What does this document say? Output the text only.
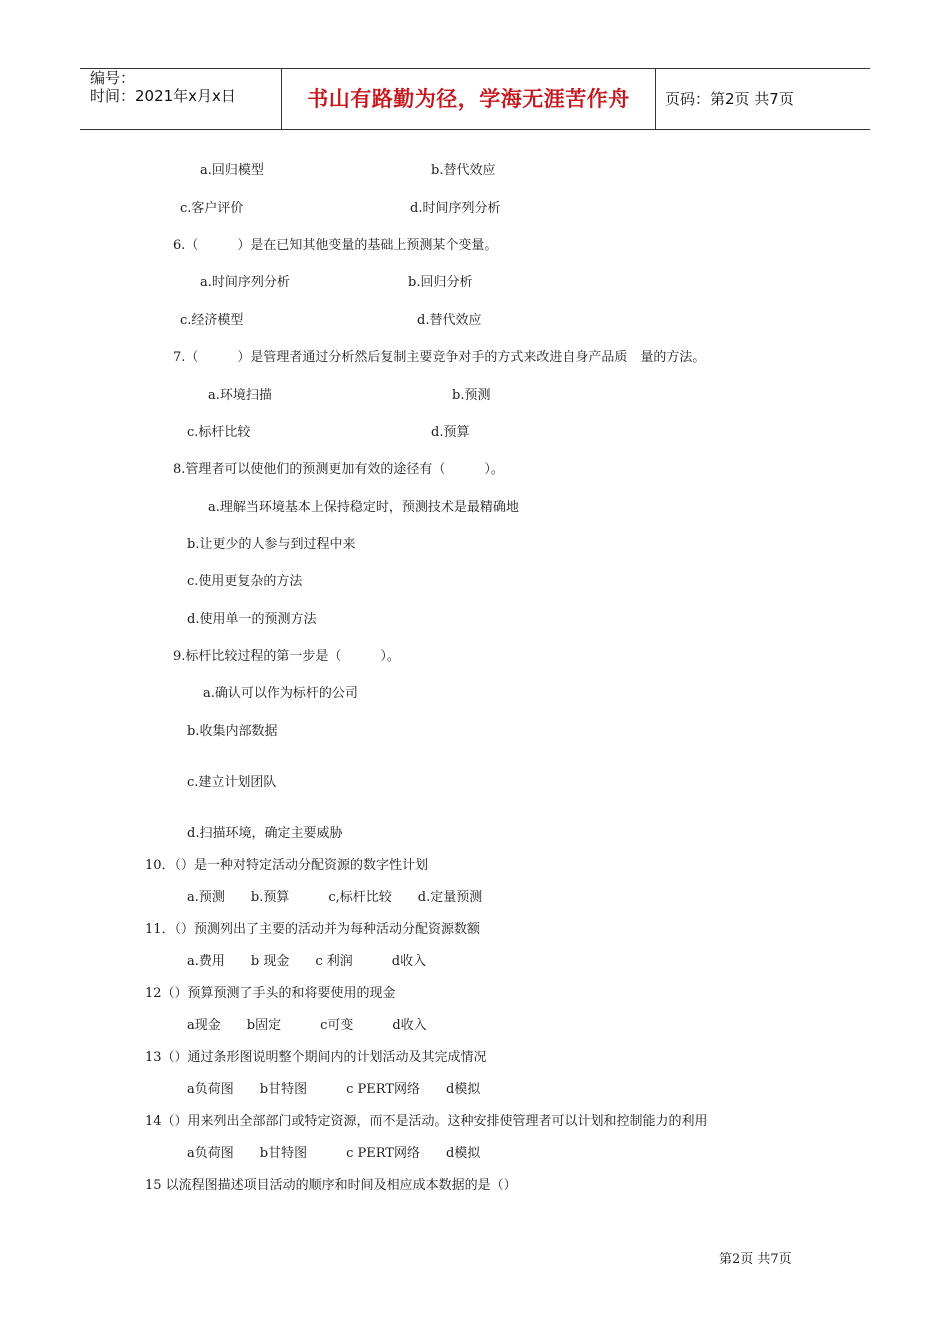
编号：
时间：2021年x月x日	书山有路勤为径，学海无涯苦作舟	页码：第2页 共7页
a.回归模型	b.替代效应
c.客户评价	d.时间序列分析
6.（　　　）是在已知其他变量的基础上预测某个变量。
a.时间序列分析	b.回归分析
c.经济模型	d.替代效应
7.（　　　）是管理者通过分析然后复制主要竞争对手的方式来改进自身产品质　量的方法。
a.环境扫描	b.预测
c.标杆比较	d.预算
8.管理者可以使他们的预测更加有效的途径有（　　　）。
a.理解当环境基本上保持稳定时，预测技术是最精确地
b.让更少的人参与到过程中来
c.使用更复杂的方法
d.使用单一的预测方法
9.标杆比较过程的第一步是（　　　）。
a.确认可以作为标杆的公司
b.收集内部数据
c.建立计划团队
d.扫描环境，确定主要威胁
10．（）是一种对特定活动分配资源的数字性计划
a.预测　　b.预算　　　c,标杆比较　　d.定量预测
11．（）预测列出了主要的活动并为每种活动分配资源数额
a.费用　　b 现金　　c 利润　　　d收入
12（）预算预测了手头的和将要使用的现金
a现金　　b固定　　　c可变　　　d收入
13（）通过条形图说明整个期间内的计划活动及其完成情况
a负荷图　　b甘特图　　　c PERT网络　　d模拟
14（）用来列出全部部门或特定资源，而不是活动。这种安排使管理者可以计划和控制能力的利用
a负荷图　　b甘特图　　　c PERT网络　　d模拟
15 以流程图描述项目活动的顺序和时间及相应成本数据的是（）
第2页 共7页
